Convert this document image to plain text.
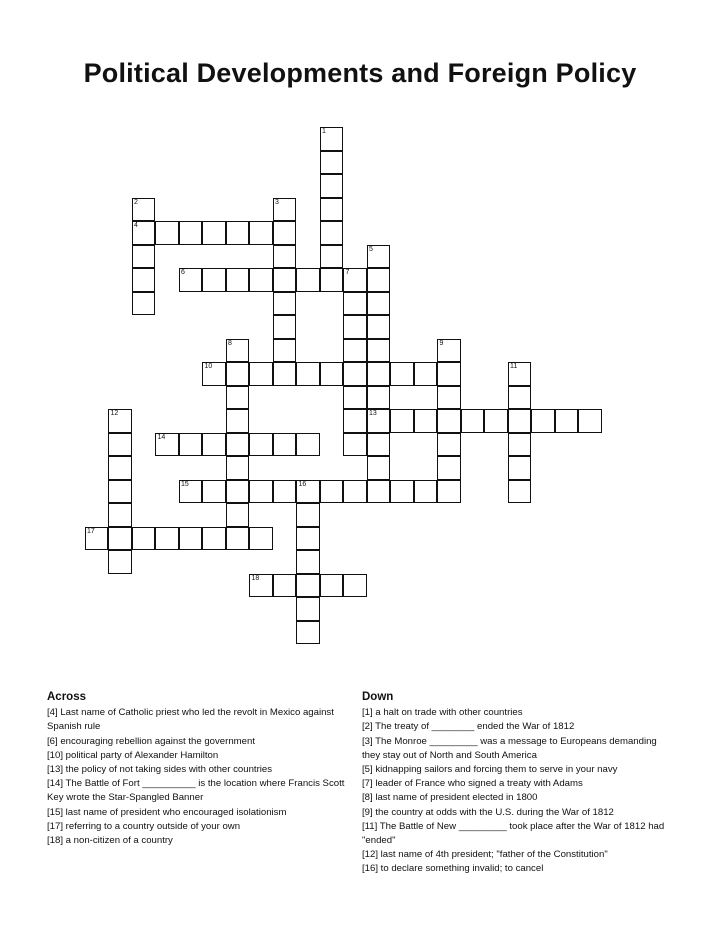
Political Developments and Foreign Policy
1
2
4
3
5
13
6	7
8	9
10	11
12
14
15	16
17
18
Across
[4] Last name of Catholic priest who led the revolt in Mexico against Spanish rule
[6] encouraging rebellion against the government
[10] political party of Alexander Hamilton
[13] the policy of not taking sides with other countries
[14] The Battle of Fort __________ is the location where Francis Scott Key wrote the Star-Spangled Banner
[15] last name of president who encouraged isolationism
[17] referring to a country outside of your own
[18] a non-citizen of a country
Down
[1] a halt on trade with other countries
[2] The treaty of ________ ended the War of 1812
[3] The Monroe _________ was a message to Europeans demanding they stay out of North and South America
[5] kidnapping sailors and forcing them to serve in your navy
[7] leader of France who signed a treaty with Adams
[8] last name of president elected in 1800
[9] the country at odds with the U.S. during the War of 1812
[11] The Battle of New _________ took place after the War of 1812 had "ended"
[12] last name of 4th president; "father of the Constitution"
[16] to declare something invalid; to cancel
